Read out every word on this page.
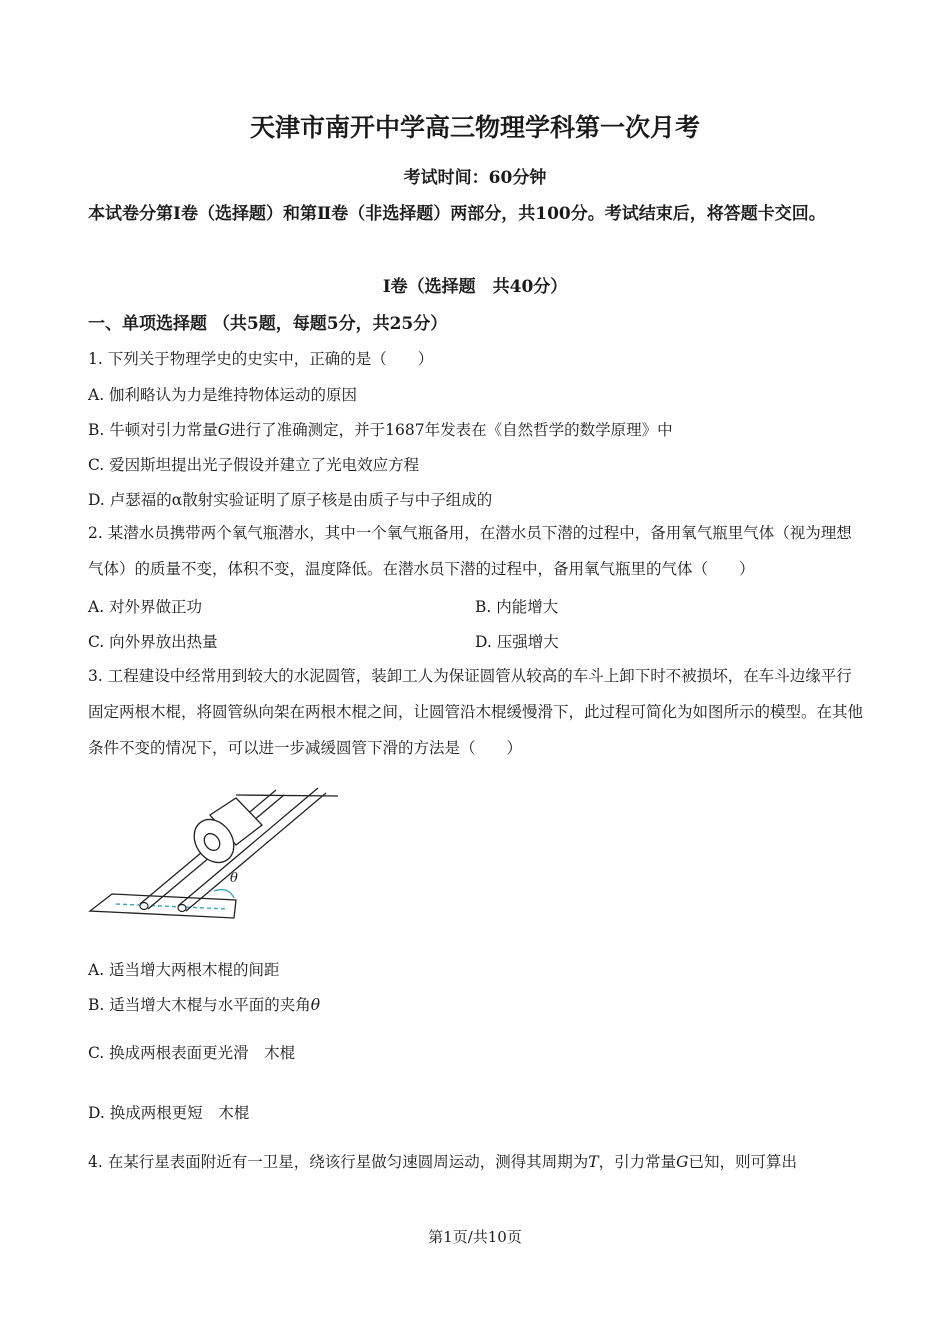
天津市南开中学高三物理学科第一次月考
考试时间：60分钟
本试卷分第Ⅰ卷（选择题）和第Ⅱ卷（非选择题）两部分，共100分。考试结束后，将答题卡交回。
Ⅰ卷（选择题　共40分）
一、单项选择题 （共5题，每题5分，共25分）
1. 下列关于物理学史的史实中，正确的是（　　）
A. 伽利略认为力是维持物体运动的原因
B. 牛顿对引力常量G进行了准确测定，并于1687年发表在《自然哲学的数学原理》中
C. 爱因斯坦提出光子假设并建立了光电效应方程
D. 卢瑟福的α散射实验证明了原子核是由质子与中子组成的
2. 某潜水员携带两个氧气瓶潜水，其中一个氧气瓶备用，在潜水员下潜的过程中，备用氧气瓶里气体（视为理想气体）的质量不变，体积不变，温度降低。在潜水员下潜的过程中，备用氧气瓶里的气体（　　）
A. 对外界做正功	B. 内能增大
C. 向外界放出热量	D. 压强增大
3. 工程建设中经常用到较大的水泥圆管，装卸工人为保证圆管从较高的车斗上卸下时不被损坏，在车斗边缘平行固定两根木棍，将圆管纵向架在两根木棍之间，让圆管沿木棍缓慢滑下，此过程可简化为如图所示的模型。在其他条件不变的情况下，可以进一步减缓圆管下滑的方法是（　　）
θ
A. 适当增大两根木棍的间距
B. 适当增大木棍与水平面的夹角θ
C. 换成两根表面更光滑　木棍
D. 换成两根更短　木棍
4. 在某行星表面附近有一卫星，绕该行星做匀速圆周运动，测得其周期为T，引力常量G已知，则可算出
第1页/共10页
